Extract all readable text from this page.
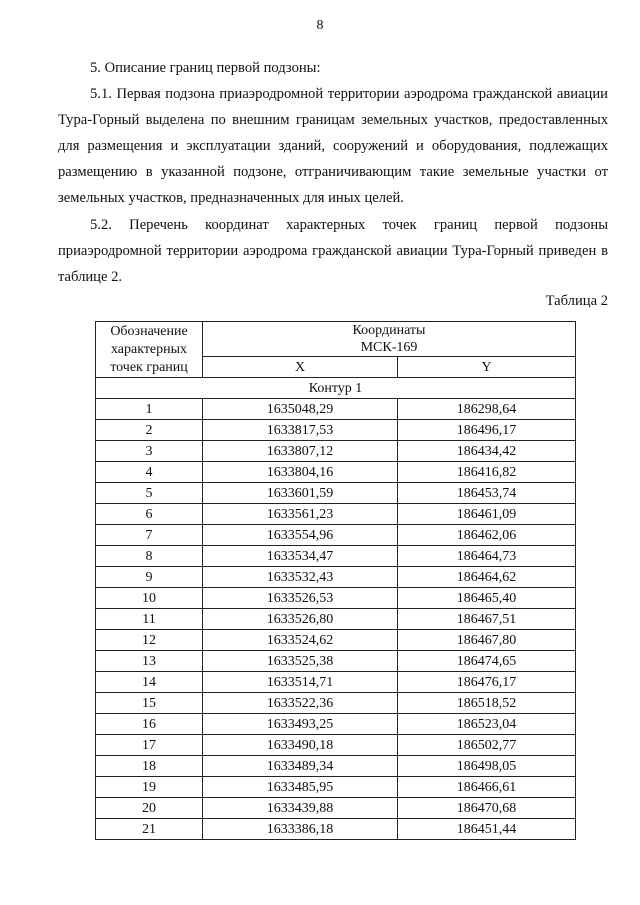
8
5. Описание границ первой подзоны:

5.1. Первая подзона приаэродромной территории аэродрома гражданской авиации Тура-Горный выделена по внешним границам земельных участков, предоставленных для размещения и эксплуатации зданий, сооружений и оборудования, подлежащих размещению в указанной подзоне, отграничивающим такие земельные участки от земельных участков, предназначенных для иных целей.

5.2. Перечень координат характерных точек границ первой подзоны приаэродромной территории аэродрома гражданской авиации Тура-Горный приведен в таблице 2.

Таблица 2
Обозначение характерных точек границ	Координаты
МСК-169	

	X	Y
Контур 1		
1	1635048,29	186298,64
2	1633817,53	186496,17
3	1633807,12	186434,42
4	1633804,16	186416,82
5	1633601,59	186453,74
6	1633561,23	186461,09
7	1633554,96	186462,06
8	1633534,47	186464,73
9	1633532,43	186464,62
10	1633526,53	186465,40
11	1633526,80	186467,51
12	1633524,62	186467,80
13	1633525,38	186474,65
14	1633514,71	186476,17
15	1633522,36	186518,52
16	1633493,25	186523,04
17	1633490,18	186502,77
18	1633489,34	186498,05
19	1633485,95	186466,61
20	1633439,88	186470,68
21	1633386,18	186451,44
